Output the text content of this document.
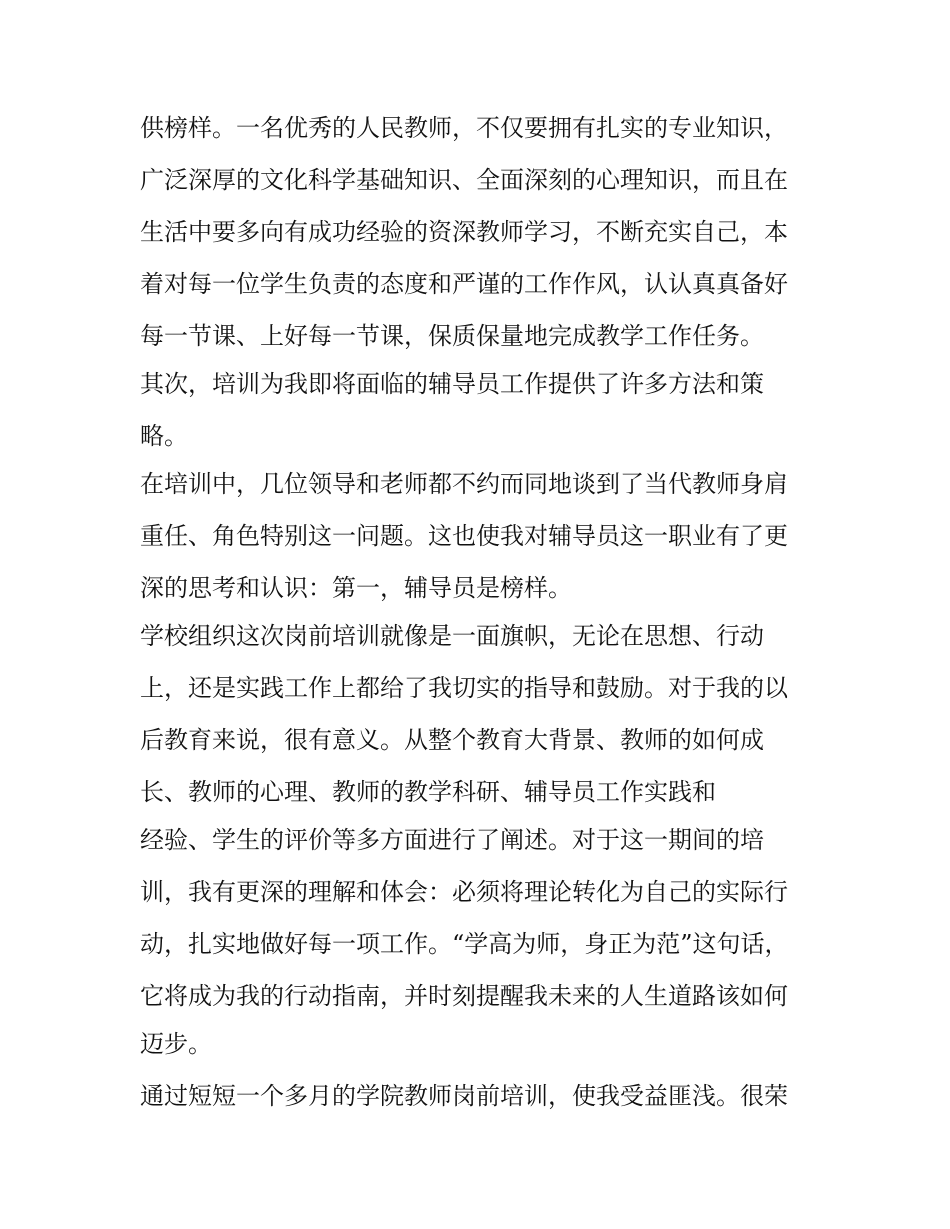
供榜样。一名优秀的人民教师，不仅要拥有扎实的专业知识，
广泛深厚的文化科学基础知识、全面深刻的心理知识，而且在
生活中要多向有成功经验的资深教师学习，不断充实自己，本
着对每一位学生负责的态度和严谨的工作作风，认认真真备好
每一节课、上好每一节课，保质保量地完成教学工作任务。
其次，培训为我即将面临的辅导员工作提供了许多方法和策
略。
在培训中，几位领导和老师都不约而同地谈到了当代教师身肩
重任、角色特别这一问题。这也使我对辅导员这一职业有了更
深的思考和认识：第一，辅导员是榜样。
学校组织这次岗前培训就像是一面旗帜，无论在思想、行动
上，还是实践工作上都给了我切实的指导和鼓励。对于我的以
后教育来说，很有意义。从整个教育大背景、教师的如何成
长、教师的心理、教师的教学科研、辅导员工作实践和
经验、学生的评价等多方面进行了阐述。对于这一期间的培
训，我有更深的理解和体会：必须将理论转化为自己的实际行
动，扎实地做好每一项工作。“学高为师，身正为范”这句话，
它将成为我的行动指南，并时刻提醒我未来的人生道路该如何
迈步。
通过短短一个多月的学院教师岗前培训，使我受益匪浅。很荣
